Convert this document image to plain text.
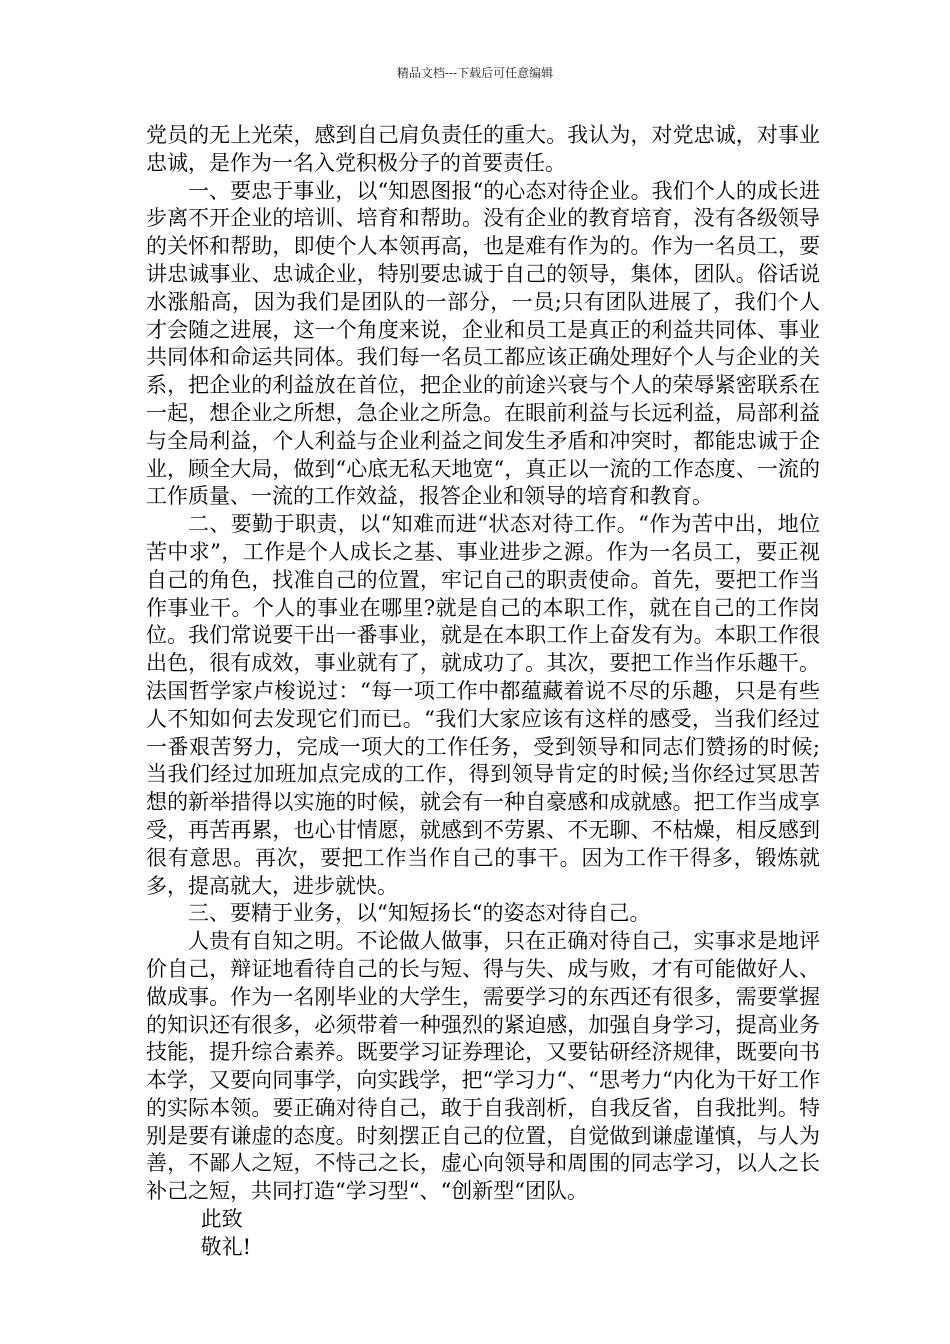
精品文档---下载后可任意编辑

党员的无上光荣，感到自己肩负责任的重大。我认为，对党忠诚，对事业忠诚，是作为一名入党积极分子的首要责任。

一、要忠于事业，以“知恩图报“的心态对待企业。我们个人的成长进步离不开企业的培训、培育和帮助。没有企业的教育培育，没有各级领导的关怀和帮助，即使个人本领再高，也是难有作为的。作为一名员工，要讲忠诚事业、忠诚企业，特别要忠诚于自己的领导，集体，团队。俗话说水涨船高，因为我们是团队的一部分，一员;只有团队进展了，我们个人才会随之进展，这一个角度来说，企业和员工是真正的利益共同体、事业共同体和命运共同体。我们每一名员工都应该正确处理好个人与企业的关系，把企业的利益放在首位，把企业的前途兴衰与个人的荣辱紧密联系在一起，想企业之所想，急企业之所急。在眼前利益与长远利益，局部利益与全局利益，个人利益与企业利益之间发生矛盾和冲突时，都能忠诚于企业，顾全大局，做到“心底无私天地宽“，真正以一流的工作态度、一流的工作质量、一流的工作效益，报答企业和领导的培育和教育。

二、要勤于职责，以“知难而进“状态对待工作。“作为苦中出，地位苦中求”，工作是个人成长之基、事业进步之源。作为一名员工，要正视自己的角色，找准自己的位置，牢记自己的职责使命。首先，要把工作当作事业干。个人的事业在哪里?就是自己的本职工作，就在自己的工作岗位。我们常说要干出一番事业，就是在本职工作上奋发有为。本职工作很出色，很有成效，事业就有了，就成功了。其次，要把工作当作乐趣干。法国哲学家卢梭说过：“每一项工作中都蕴藏着说不尽的乐趣，只是有些人不知如何去发现它们而已。“我们大家应该有这样的感受，当我们经过一番艰苦努力，完成一项大的工作任务，受到领导和同志们赞扬的时候;当我们经过加班加点完成的工作，得到领导肯定的时候;当你经过冥思苦想的新举措得以实施的时候，就会有一种自豪感和成就感。把工作当成享受，再苦再累，也心甘情愿，就感到不劳累、不无聊、不枯燥，相反感到很有意思。再次，要把工作当作自己的事干。因为工作干得多，锻炼就多，提高就大，进步就快。

三、要精于业务，以“知短扬长“的姿态对待自己。

人贵有自知之明。不论做人做事，只在正确对待自己，实事求是地评价自己，辩证地看待自己的长与短、得与失、成与败，才有可能做好人、做成事。作为一名刚毕业的大学生，需要学习的东西还有很多，需要掌握的知识还有很多，必须带着一种强烈的紧迫感，加强自身学习，提高业务技能，提升综合素养。既要学习证券理论，又要钻研经济规律，既要向书本学，又要向同事学，向实践学，把“学习力“、“思考力“内化为干好工作的实际本领。要正确对待自己，敢于自我剖析，自我反省，自我批判。特别是要有谦虚的态度。时刻摆正自己的位置，自觉做到谦虚谨慎，与人为善，不鄙人之短，不恃己之长，虚心向领导和周围的同志学习，以人之长补己之短，共同打造“学习型“、“创新型“团队。

此致

敬礼!
